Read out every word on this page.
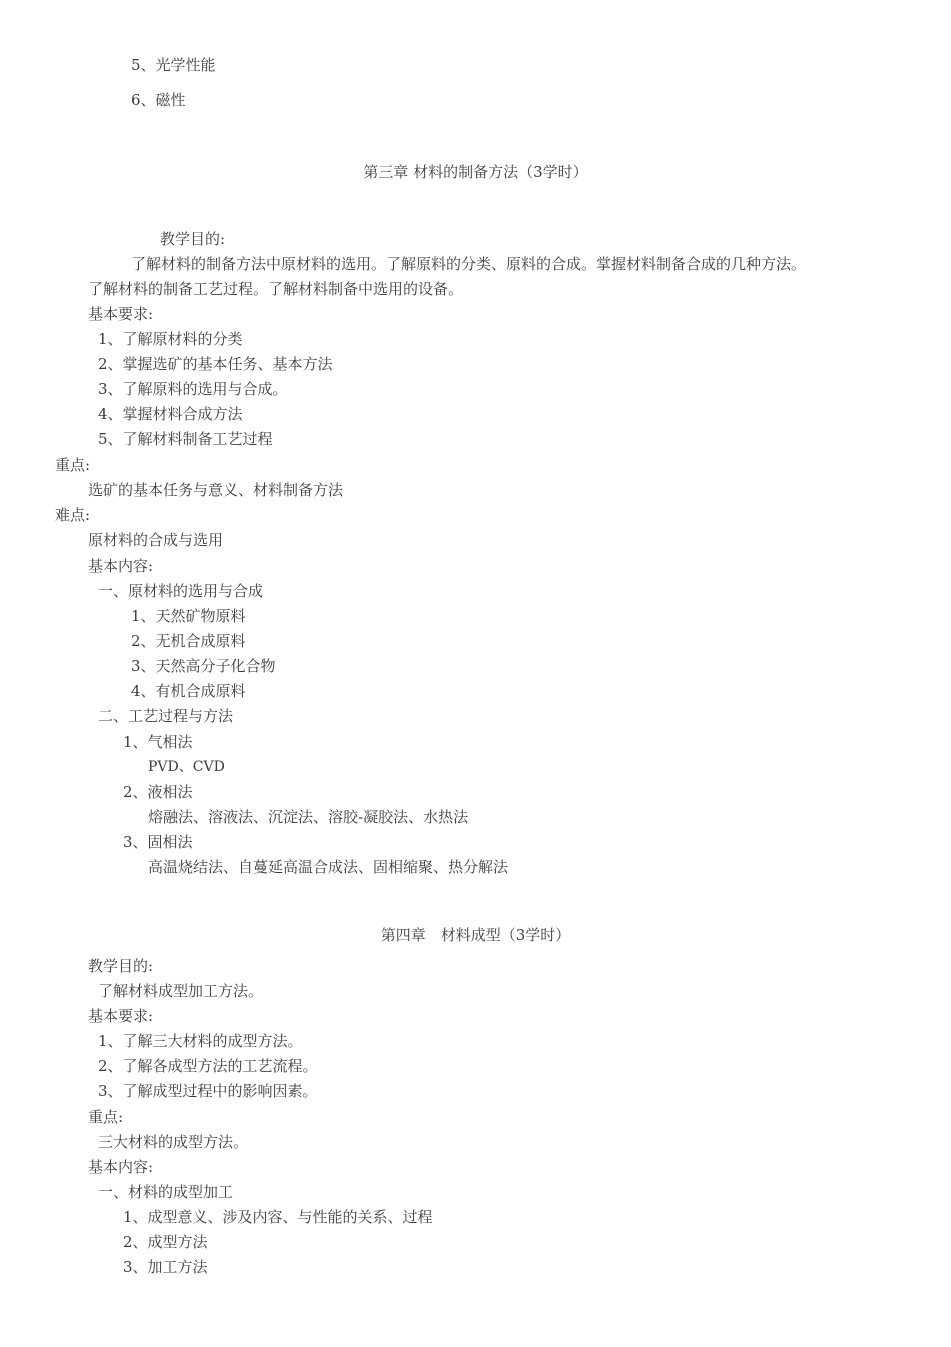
5、光学性能
6、磁性
第三章 材料的制备方法（3学时）
教学目的:
了解材料的制备方法中原材料的选用。了解原料的分类、原料的合成。掌握材料制备合成的几种方法。
了解材料的制备工艺过程。了解材料制备中选用的设备。
基本要求:
1、了解原材料的分类
2、掌握选矿的基本任务、基本方法
3、了解原料的选用与合成。
4、掌握材料合成方法
5、了解材料制备工艺过程
重点:
选矿的基本任务与意义、材料制备方法
难点:
原材料的合成与选用
基本内容:
一、原材料的选用与合成
1、天然矿物原料
2、无机合成原料
3、天然高分子化合物
4、有机合成原料
二、工艺过程与方法
1、气相法
PVD、CVD
2、液相法
熔融法、溶液法、沉淀法、溶胶-凝胶法、水热法
3、固相法
高温烧结法、自蔓延高温合成法、固相缩聚、热分解法
第四章　材料成型（3学时）
教学目的:
了解材料成型加工方法。
基本要求:
1、了解三大材料的成型方法。
2、了解各成型方法的工艺流程。
3、了解成型过程中的影响因素。
重点:
三大材料的成型方法。
基本内容:
一、材料的成型加工
1、成型意义、涉及内容、与性能的关系、过程
2、成型方法
3、加工方法
